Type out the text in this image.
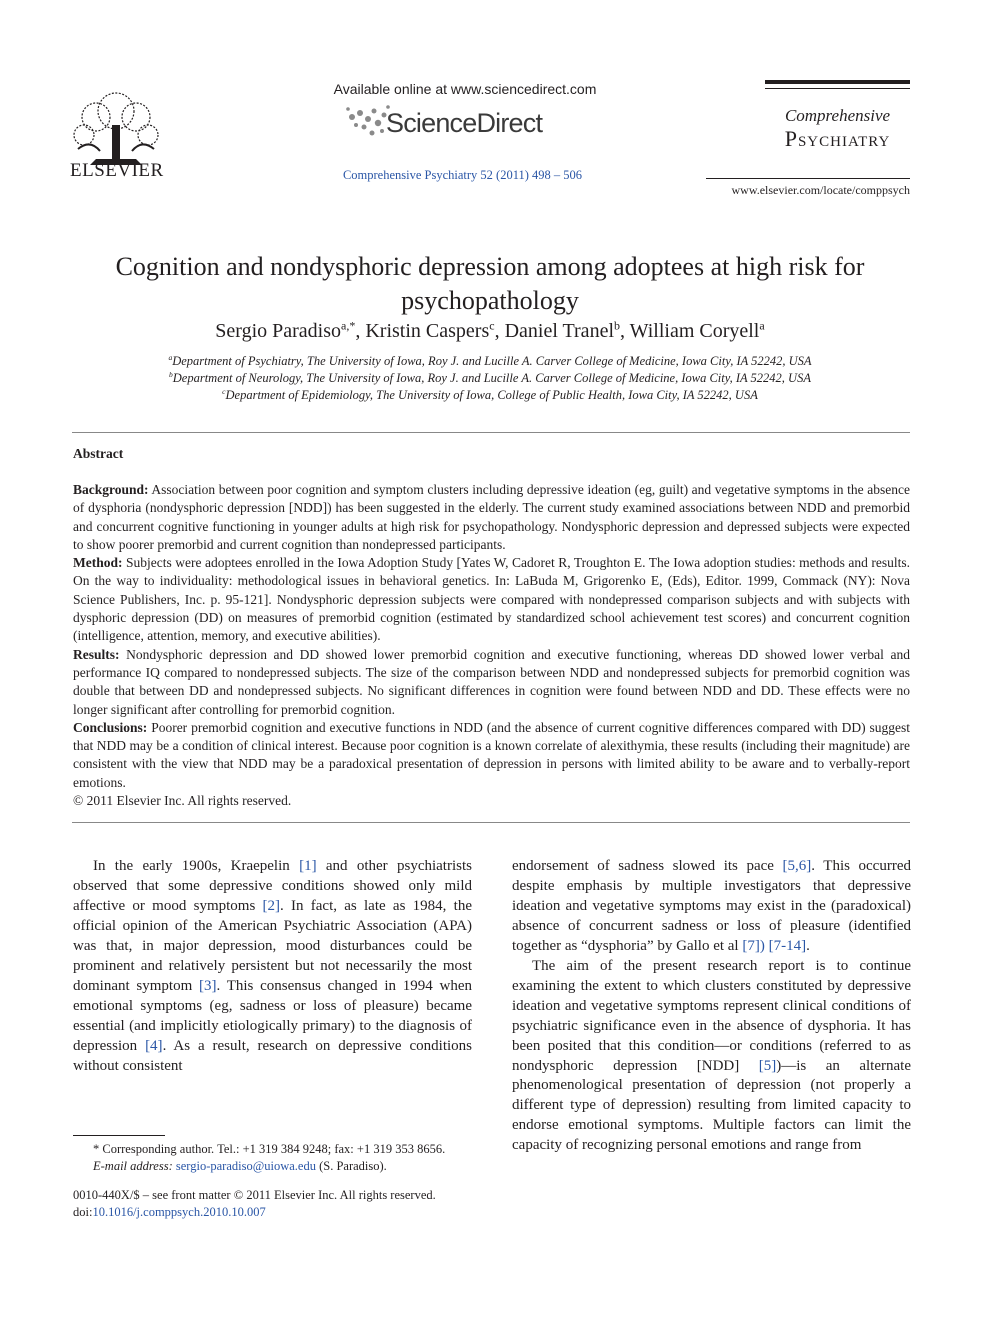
ELSEVIER
Available online at www.sciencedirect.com
ScienceDirect
Comprehensive Psychiatry 52 (2011) 498 – 506
Comprehensive
Psychiatry
www.elsevier.com/locate/comppsych
Cognition and nondysphoric depression among adoptees at high risk for psychopathology
Sergio Paradiso$^{a,*}$, Kristin Caspers$^c$, Daniel Tranel$^b$, William Coryell$^a$
$^a$Department of Psychiatry, The University of Iowa, Roy J. and Lucille A. Carver College of Medicine, Iowa City, IA 52242, USA
$^b$Department of Neurology, The University of Iowa, Roy J. and Lucille A. Carver College of Medicine, Iowa City, IA 52242, USA
$^c$Department of Epidemiology, The University of Iowa, College of Public Health, Iowa City, IA 52242, USA
Abstract

Background: Association between poor cognition and symptom clusters including depressive ideation (eg, guilt) and vegetative symptoms in the absence of dysphoria (nondysphoric depression [NDD]) has been suggested in the elderly. The current study examined associations between NDD and premorbid and concurrent cognitive functioning in younger adults at high risk for psychopathology. Nondysphoric depression and depressed subjects were expected to show poorer premorbid and current cognition than nondepressed participants.

Method: Subjects were adoptees enrolled in the Iowa Adoption Study [Yates W, Cadoret R, Troughton E. The Iowa adoption studies: methods and results. On the way to individuality: methodological issues in behavioral genetics. In: LaBuda M, Grigorenko E, (Eds), Editor. 1999, Commack (NY): Nova Science Publishers, Inc. p. 95-121]. Nondysphoric depression subjects were compared with nondepressed comparison subjects and with subjects with dysphoric depression (DD) on measures of premorbid cognition (estimated by standardized school achievement test scores) and concurrent cognition (intelligence, attention, memory, and executive abilities).

Results: Nondysphoric depression and DD showed lower premorbid cognition and executive functioning, whereas DD showed lower verbal and performance IQ compared to nondepressed subjects. The size of the comparison between NDD and nondepressed subjects for premorbid cognition was double that between DD and nondepressed subjects. No significant differences in cognition were found between NDD and DD. These effects were no longer significant after controlling for premorbid cognition.

Conclusions: Poorer premorbid cognition and executive functions in NDD (and the absence of current cognitive differences compared with DD) suggest that NDD may be a condition of clinical interest. Because poor cognition is a known correlate of alexithymia, these results (including their magnitude) are consistent with the view that NDD may be a paradoxical presentation of depression in persons with limited ability to be aware and to verbally-report emotions.

© 2011 Elsevier Inc. All rights reserved.

In the early 1900s, Kraepelin [1] and other psychiatrists observed that some depressive conditions showed only mild affective or mood symptoms [2]. In fact, as late as 1984, the official opinion of the American Psychiatric Association (APA) was that, in major depression, mood disturbances could be prominent and relatively persistent but not necessarily the most dominant symptom [3]. This consensus changed in 1994 when emotional symptoms (eg, sadness or loss of pleasure) became essential (and implicitly etiologically primary) to the diagnosis of depression [4]. As a result, research on depressive conditions without consistent

endorsement of sadness slowed its pace [5,6]. This occurred despite emphasis by multiple investigators that depressive ideation and vegetative symptoms may exist in the (paradoxical) absence of concurrent sadness or loss of pleasure (identified together as “dysphoria” by Gallo et al [7]) [7-14].

The aim of the present research report is to continue examining the extent to which clusters constituted by depressive ideation and vegetative symptoms represent clinical conditions of psychiatric significance even in the absence of dysphoria. It has been posited that this condition—or conditions (referred to as nondysphoric depression [NDD] [5])—is an alternate phenomenological presentation of depression (not properly a different type of depression) resulting from limited capacity to endorse emotional symptoms. Multiple factors can limit the capacity of recognizing personal emotions and range from

* Corresponding author. Tel.: +1 319 384 9248; fax: +1 319 353 8656.

E-mail address: sergio-paradiso@uiowa.edu (S. Paradiso).

0010-440X/$ – see front matter © 2011 Elsevier Inc. All rights reserved.

doi:10.1016/j.comppsych.2010.10.007
